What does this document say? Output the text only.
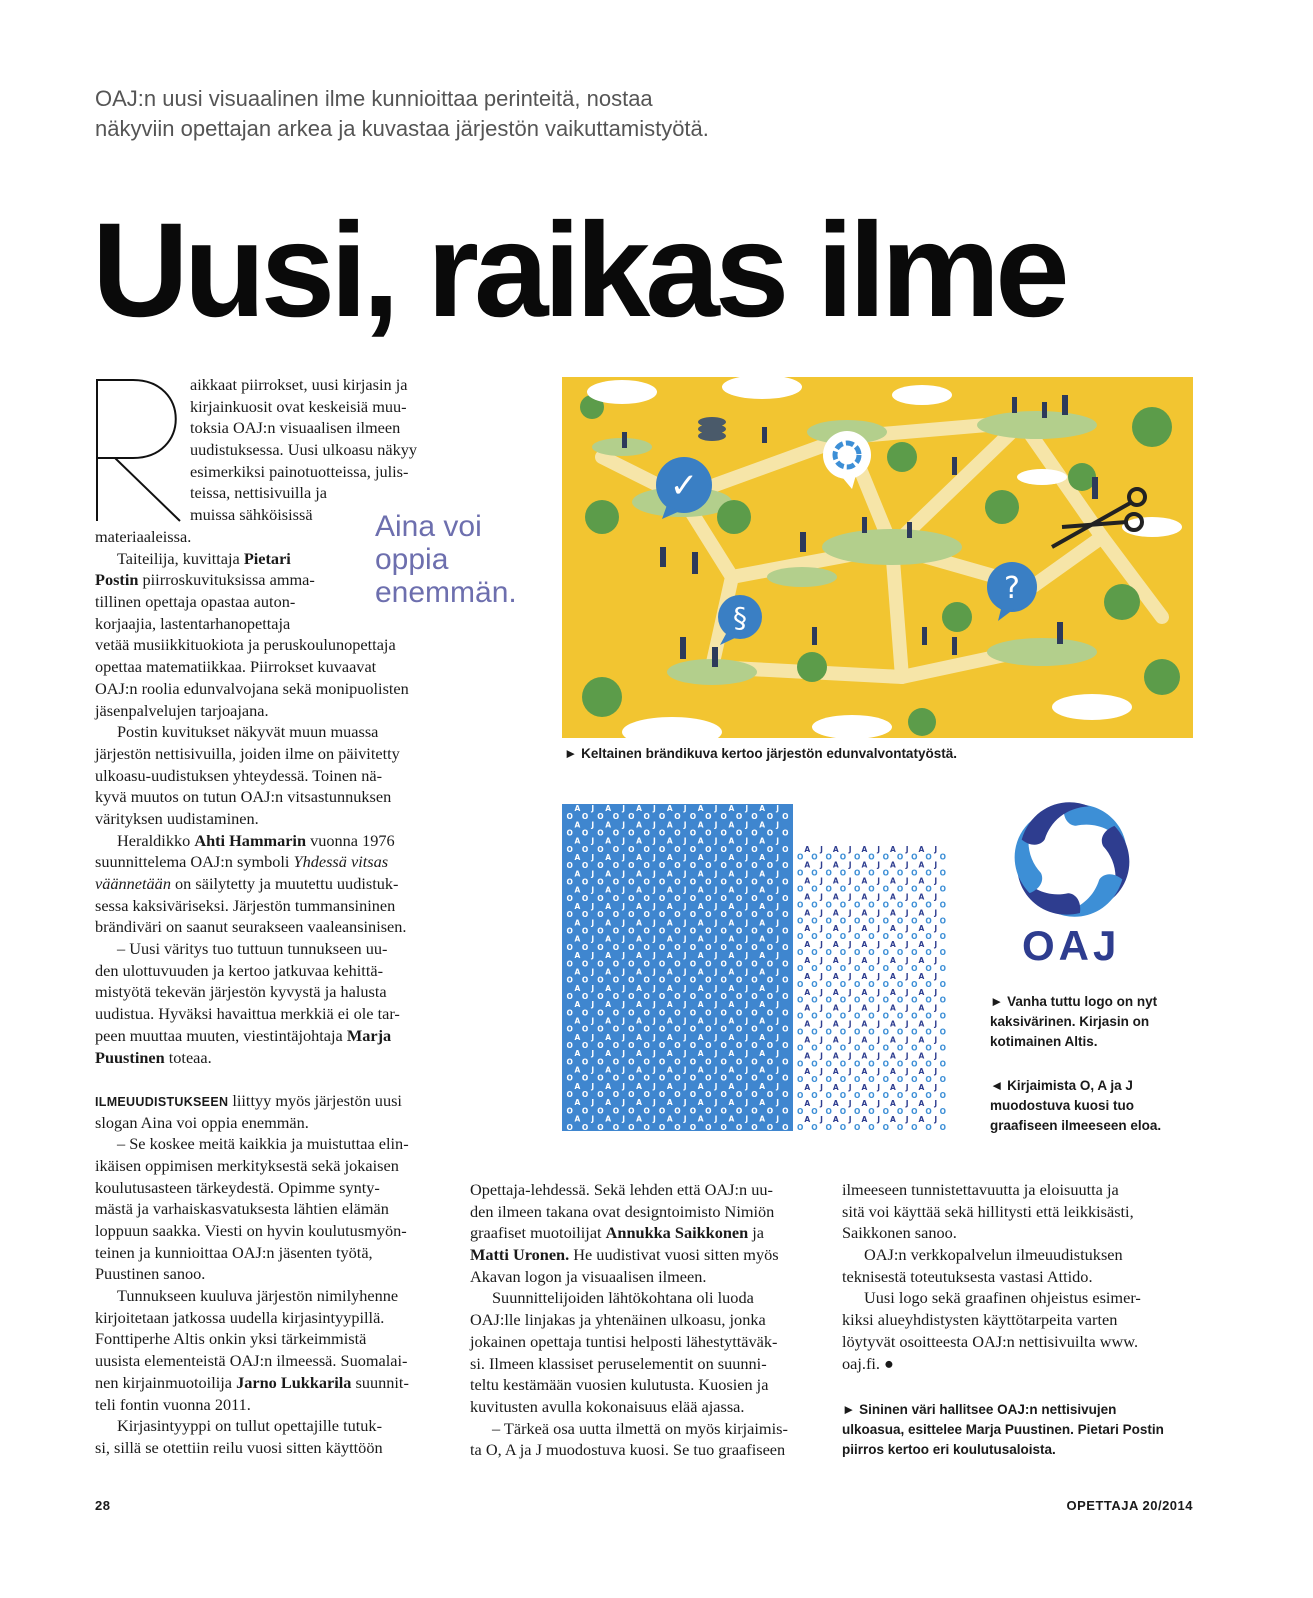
OAJ:n uusi visuaalinen ilme kunnioittaa perinteitä, nostaa
näkyviin opettajan arkea ja kuvastaa järjestön vaikuttamistyötä.
Uusi, raikas ilme
aikkaat piirrokset, uusi kirjasin ja
kirjainkuosit ovat keskeisiä muu-
toksia OAJ:n visuaalisen ilmeen
uudistuksessa. Uusi ulkoasu näkyy
esimerkiksi painotuotteissa, julis-
teissa, nettisivuilla ja
muissa sähköisissä
materiaaleissa.
Taiteilija, kuvittaja Pietari
Postin piirroskuvituksissa amma-
tillinen opettaja opastaa auton-
korjaajia, lastentarhanopettaja
vetää musiikkituokiota ja peruskoulunopettaja
opettaa matematiikkaa. Piirrokset kuvaavat
OAJ:n roolia edunvalvojana sekä monipuolisten
jäsenpalvelujen tarjoajana.
Postin kuvitukset näkyvät muun muassa
järjestön nettisivuilla, joiden ilme on päivitetty
ulkoasu-uudistuksen yhteydessä. Toinen nä-
kyvä muutos on tutun OAJ:n vitsastunnuksen
värityksen uudistaminen.
Heraldikko Ahti Hammarin vuonna 1976
suunnittelema OAJ:n symboli Yhdessä vitsas
väännetään on säilytetty ja muutettu uudistuk-
sessa kaksiväriseksi. Järjestön tummansininen
brändiväri on saanut seurakseen vaaleansinisen.
– Uusi väritys tuo tuttuun tunnukseen uu-
den ulottuvuuden ja kertoo jatkuvaa kehittä-
mistyötä tekevän järjestön kyvystä ja halusta
uudistua. Hyväksi havaittua merkkiä ei ole tar-
peen muuttaa muuten, viestintäjohtaja Marja
Puustinen toteaa.
ILMEUUDISTUKSEEN liittyy myös järjestön uusi
slogan Aina voi oppia enemmän.
– Se koskee meitä kaikkia ja muistuttaa elin-
ikäisen oppimisen merkityksestä sekä jokaisen
koulutusasteen tärkeydestä. Opimme synty-
mästä ja varhaiskasvatuksesta lähtien elämän
loppuun saakka. Viesti on hyvin koulutusmyön-
teinen ja kunnioittaa OAJ:n jäsenten työtä,
Puustinen sanoo.
Tunnukseen kuuluva järjestön nimilyhenne
kirjoitetaan jatkossa uudella kirjasintyypillä.
Fonttiperhe Altis onkin yksi tärkeimmistä
uusista elementeistä OAJ:n ilmeessä. Suomalai-
nen kirjainmuotoilija Jarno Lukkarila suunnit-
teli fontin vuonna 2011.
Kirjasintyyppi on tullut opettajille tutuk-
si, sillä se otettiin reilu vuosi sitten käyttöön
Aina voi
oppia
enemmän.
✓
§
?
► Keltainen brändikuva kertoo järjestön edunvalvontatyöstä.
A J A J A J A J A J A J A J
O O O O O O O O O O O O O O O
A J A J A J A J A J A J A J
O O O O O O O O O O O O O O O
A J A J A J A J A J A J A J
O O O O O O O O O O O O O O O
A J A J A J A J A J A J A J
O O O O O O O O O O O O O O O
A J A J A J A J A J A J A J
O O O O O O O O O O O O O O O
A J A J A J A J A J A J A J
O O O O O O O O O O O O O O O
A J A J A J A J A J A J A J
O O O O O O O O O O O O O O O
A J A J A J A J A J A J A J
O O O O O O O O O O O O O O O
A J A J A J A J A J A J A J
O O O O O O O O O O O O O O O
A J A J A J A J A J A J A J
O O O O O O O O O O O O O O O
A J A J A J A J A J A J A J
O O O O O O O O O O O O O O O
A J A J A J A J A J A J A J
O O O O O O O O O O O O O O O
A J A J A J A J A J A J A J
O O O O O O O O O O O O O O O
A J A J A J A J A J A J A J
O O O O O O O O O O O O O O O
A J A J A J A J A J A J A J
O O O O O O O O O O O O O O O
A J A J A J A J A J A J A J
O O O O O O O O O O O O O O O
A J A J A J A J A J A J A J
O O O O O O O O O O O O O O O
A J A J A J A J A J A J A J
O O O O O O O O O O O O O O O
A J A J A J A J A J A J A J
O O O O O O O O O O O O O O O
A J A J A J A J A J A J A J
O O O O O O O O O O O O O O O
A J A J A J A J A J
O O O O O O O O O O O
A J A J A J A J A J
O O O O O O O O O O O
A J A J A J A J A J
O O O O O O O O O O O
A J A J A J A J A J
O O O O O O O O O O O
A J A J A J A J A J
O O O O O O O O O O O
A J A J A J A J A J
O O O O O O O O O O O
A J A J A J A J A J
O O O O O O O O O O O
A J A J A J A J A J
O O O O O O O O O O O
A J A J A J A J A J
O O O O O O O O O O O
A J A J A J A J A J
O O O O O O O O O O O
A J A J A J A J A J
O O O O O O O O O O O
A J A J A J A J A J
O O O O O O O O O O O
A J A J A J A J A J
O O O O O O O O O O O
A J A J A J A J A J
O O O O O O O O O O O
A J A J A J A J A J
O O O O O O O O O O O
A J A J A J A J A J
O O O O O O O O O O O
A J A J A J A J A J
O O O O O O O O O O O
A J A J A J A J A J
O O O O O O O O O O O
OAJ
► Vanha tuttu logo on nyt
kaksivärinen. Kirjasin on
kotimainen Altis.
◄ Kirjaimista O, A ja J
muodostuva kuosi tuo
graafiseen ilmeeseen eloa.
Opettaja-lehdessä. Sekä lehden että OAJ:n uu-
den ilmeen takana ovat designtoimisto Nimiön
graafiset muotoilijat Annukka Saikkonen ja
Matti Uronen. He uudistivat vuosi sitten myös
Akavan logon ja visuaalisen ilmeen.
Suunnittelijoiden lähtökohtana oli luoda
OAJ:lle linjakas ja yhtenäinen ulkoasu, jonka
jokainen opettaja tuntisi helposti lähestyttäväk-
si. Ilmeen klassiset peruselementit on suunni-
teltu kestämään vuosien kulutusta. Kuosien ja
kuvitusten avulla kokonaisuus elää ajassa.
– Tärkeä osa uutta ilmettä on myös kirjaimis-
ta O, A ja J muodostuva kuosi. Se tuo graafiseen
ilmeeseen tunnistettavuutta ja eloisuutta ja
sitä voi käyttää sekä hillitysti että leikkisästi,
Saikkonen sanoo.
OAJ:n verkkopalvelun ilmeuudistuksen
teknisestä toteutuksesta vastasi Attido.
Uusi logo sekä graafinen ohjeistus esimer-
kiksi alueyhdistysten käyttötarpeita varten
löytyvät osoitteesta OAJ:n nettisivuilta www.
oaj.fi. ●
► Sininen väri hallitsee OAJ:n nettisivujen
ulkoasua, esittelee Marja Puustinen. Pietari Postin
piirros kertoo eri koulutusaloista.
28	OPETTAJA 20/2014
